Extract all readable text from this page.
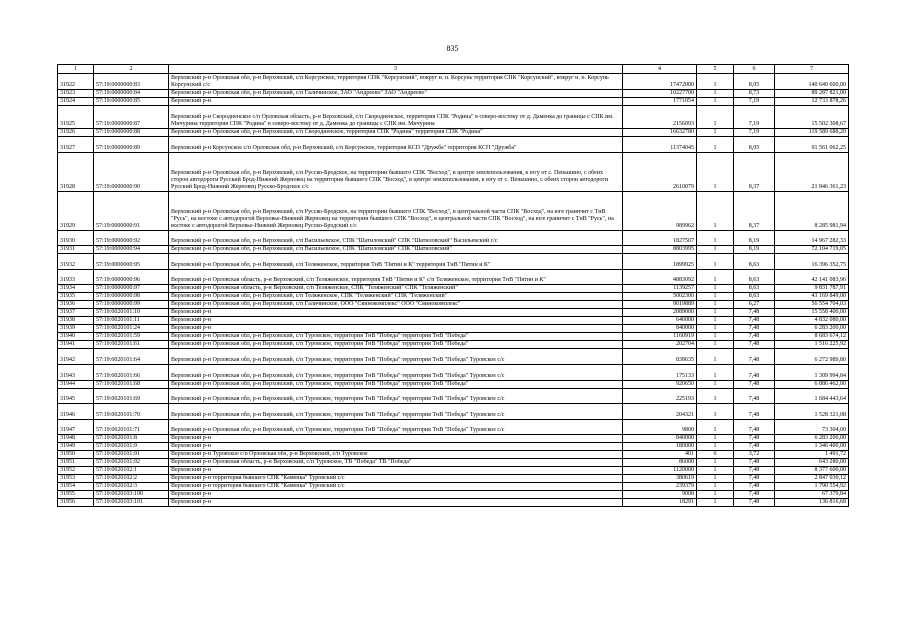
835
1	2	3	4	5	6	7
31922	57:19:0000000:83	Верховский р-н Орловская обл, р-н Верховский, с/п Корсунское, территория СПК "Корсунский", вокруг н. п. Корсунь территория СПК "Корсунский", вокруг н. п. Корсунь Корсунский с/с	17472000	1	8,05	140 649 600,00
31923	57:19:0000000:84	Верховский р-н Орловская обл, р-н Верховский, с/п Галичинское, ЗАО "Андреево" ЗАО "Андреево"	10227700	1	8,73	89 287 821,00
31924	57:19:0000000:85	Верховский р-н	1771054	1	7,19	12 733 878,26
31925	57:19:0000000:87	Верховский р-н Скородненское с/п Орловская область, р-н Верховский, с/п Скородненское, территория СПК "Родина" в северо-востоку от д. Даменка до границы с СПК им. Мичурина территория СПК "Родина" в северо-востоку от д. Даменка до границы с СПК им. Мичурина	2156093	1	7,19	15 502 308,67
31926	57:19:0000000:88	Верховский р-н Орловская обл, р-н Верховский, с/п Скородненское, территория СПК "Родина" территория СПК "Родина"	16632780	1	7,19	119 589 688,20
31927	57:19:0000000:89	Верховский р-н Корсунское с/п Орловская обл, р-н Верховский, с/п Корсунское, территория КСП "Дружба" территория КСП "Дружба"	11374045	1	8,05	91 561 062,25
31928	57:19:0000000:90	Верховский р-н Орловская обл, р-н Верховский, с/п Русско-Бродское, на территории бывшего СПК "Восход", в центре землепользования, к югу от с. Пеньшино, с обеих сторон автодороги Русский Брод-Нижний Жерновец на территории бывшего СПК "Восход", в центре землепользования, к югу от с. Пеньшино, с обеих сторон автодороги Русский Брод-Нижний Жерновец Русско-Бродское с/с	2610079	1	8,37	21 846 361,23
31929	57:19:0000000:91	Верховский р-н Орловская обл, р-н Верховский, с/п Русско-Бродское, на территории бывшего СПК "Восход", в центральной части СПК "Восход", на юге граничит с ТнВ "Русь", на востоке с автодорогой Верховье-Нижний Жерновец на территории бывшего СПК "Восход", в центральной части СПК "Восход", на юге граничит с ТнВ "Русь", на востоке с автодорогой Верховье-Нижний Жерновец Русско-Бродский с/с	989962	1	8,37	8 285 981,94
31930	57:19:0000000:92	Верховский р-н Орловская обл, р-н Верховский, с/п Васильевское, СПК "Шатиловский" СПК "Шатиловский" Васильевский с/с	1827507	1	8,19	14 967 282,33
31931	57:19:0000000:94	Верховский р-н Орловская обл, р-н Верховский, с/п Васильевское, СПК "Шатиловский" СПК "Шатиловский"	8803995	1	8,19	72 104 719,05
31932	57:19:0000000:95	Верховский р-н Орловская обл, р-н Верховский, с/п Теляженское, территория ТнВ "Пятин и К" территория ТнВ "Пятин и К"	1899925	1	8,63	16 396 352,75
31933	57:19:0000000:96	Верховский р-н Орловская область, р-н Верховский, с/п Теляженское, территория ТнВ "Пятин и К" с/п Теляженское, территория ТнВ "Пятин и К"	4883092	1	8,63	42 141 083,96
31934	57:19:0000000:97	Верховский р-н Орловская область, р-н Верховский, с/п Теляженское, СПК "Теляженский" СПК "Теляженский"	1139257	1	8,63	9 831 787,91
31935	57:19:0000000:98	Верховский р-н Орловская обл, р-н Верховский, с/п Теляженское, СПК "Теляженский" СПК "Теляженский"	5002300	1	8,63	43 169 849,00
31936	57:19:0000000:99	Верховский р-н Орловская обл, р-н Верховский, с/п Галичинское, ООО "Свинокомплекс" ООО "Свинокомплекс"	9019889	1	6,27	56 554 704,03
31937	57:19:0020101:10	Верховский р-н	2089000	1	7,48	15 558 400,00
31938	57:19:0020101:11	Верховский р-н	646000	1	7,48	4 832 080,00
31939	57:19:0020101:24	Верховский р-н	840000	1	7,48	6 283 200,00
31940	57:19:0020101:59	Верховский р-н Орловская обл, р-н Верховский, с/п Туровское, территория ТнВ "Победа" территория ТнВ "Победа"	1160919	1	7,48	8 683 674,12
31941	57:19:0020101:61	Верховский р-н Орловская обл, р-н Верховский, с/п Туровское, территория ТнВ "Победа" территория ТнВ "Победа"	202704	1	7,48	1 516 225,92
31942	57:19:0020101:64	Верховский р-н Орловская обл, р-н Верховский, с/п Туровское, территория ТнВ "Победа" территория ТнВ "Победа" Туровское с/с	838635	1	7,48	6 272 989,80
31943	57:19:0020101:66	Верховский р-н Орловская обл, р-н Верховский, с/п Туровское, территория ТнВ "Победа" территория ТнВ "Победа" Туровское с/с	175133	1	7,48	1 309 994,84
31944	57:19:0020101:68	Верховский р-н Орловская обл, р-н Верховский, с/п Туровское, территория ТнВ "Победа" территория ТнВ "Победа"	920650	1	7,48	6 886 462,00
31945	57:19:0020101:69	Верховский р-н Орловская обл, р-н Верховский, с/п Туровское, территория ТнВ "Победа" территория ТнВ "Победа" Туровское с/с	225193	1	7,48	1 684 443,64
31946	57:19:0020101:70	Верховский р-н Орловская обл, р-н Верховский, с/п Туровское, территория ТнВ "Победа" территория ТнВ "Победа" Туровское с/с	204321	1	7,48	1 528 321,08
31947	57:19:0020101:71	Верховский р-н Орловская обл, р-н Верховский, с/п Туровское, территория ТнВ "Победа" территория ТнВ "Победа" Туровское с/с	9800	1	7,48	73 304,00
31948	57:19:0020101:8	Верховский р-н	840000	1	7,48	6 283 200,00
31949	57:19:0020101:9	Верховский р-н	180000	1	7,48	1 346 400,00
31950	57:19:0020101:91	Верховский р-н Туровское с/п Орловская обл, р-н Верховский, с/п Туровское	401	6	3,72	1 491,72
31951	57:19:0020101:92	Верховский р-н Орловская область, р-н Верховский, с/п Туровское, ТВ "Победа" ТВ "Победа"	86000	1	7,48	643 280,00
31952	57:19:0020102:1	Верховский р-н	1120000	1	7,48	8 377 600,00
31953	57:19:0020102:2	Верховский р-н территория бывшего СПК "Каменка" Туровский с/с	380619	1	7,48	2 847 030,12
31954	57:19:0020102:3	Верховский р-н территория бывшего СПК "Каменка" Туровский с/с	239379	1	7,48	1 790 554,92
31955	57:19:0020103:100	Верховский р-н	9008	1	7,48	67 379,84
31956	57:19:0020103:101	Верховский р-н	18291	1	7,48	136 816,68
